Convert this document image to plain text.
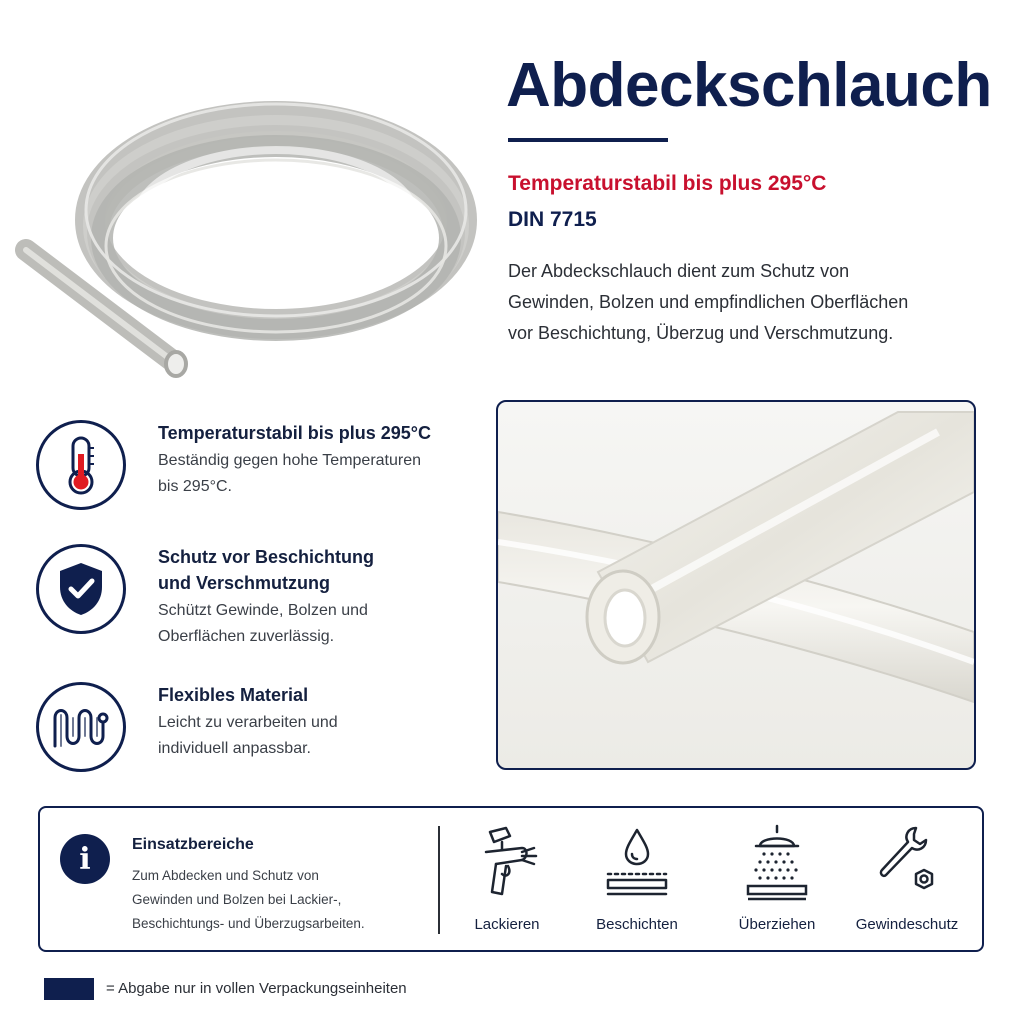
Abdeckschlauch
Temperaturstabil bis plus 295°C
DIN 7715
Der Abdeckschlauch dient zum Schutz von
Gewinden, Bolzen und empfindlichen Oberflächen
vor Beschichtung, Überzug und Verschmutzung.
Temperaturstabil bis plus 295°C
Beständig gegen hohe Temperaturen
bis 295°C.
Schutz vor Beschichtung
und Verschmutzung
Schützt Gewinde, Bolzen und
Oberflächen zuverlässig.
Flexibles Material
Leicht zu verarbeiten und
individuell anpassbar.
i	Einsatzbereiche
Zum Abdecken und Schutz von
Gewinden und Bolzen bei Lackier-,
Beschichtungs- und Überzugsarbeiten.	Lackieren	Beschichten	Überziehen	Gewindeschutz
= Abgabe nur in vollen Verpackungseinheiten
